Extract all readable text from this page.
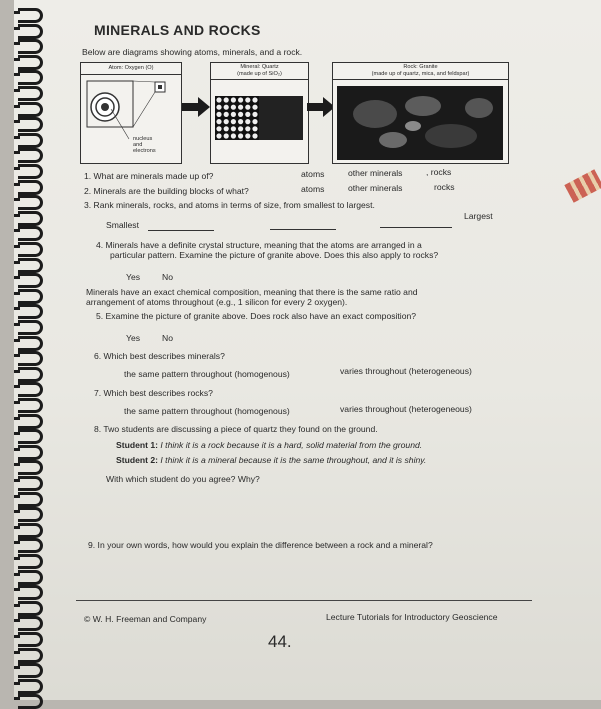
MINERALS AND ROCKS
Below are diagrams showing atoms, minerals, and a rock.
Atom: Oxygen (O)
nucleus
and
electrons
Mineral: Quartz
(made up of SiO₂)
Rock: Granite
(made up of quartz, mica, and feldspar)
1. What are minerals made up of?	atoms	other minerals	, rocks
2. Minerals are the building blocks of what?	atoms	other minerals	rocks
3. Rank minerals, rocks, and atoms in terms of size, from smallest to largest.
Smallest
Largest
4. Minerals have a definite crystal structure, meaning that the atoms are arranged in a
particular pattern. Examine the picture of granite above. Does this also apply to rocks?
Yes	No
Minerals have an exact chemical composition, meaning that there is the same ratio and
arrangement of atoms throughout (e.g., 1 silicon for every 2 oxygen).
5. Examine the picture of granite above. Does rock also have an exact composition?
Yes	No
6. Which best describes minerals?
the same pattern throughout (homogenous)	varies throughout (heterogeneous)
7. Which best describes rocks?
the same pattern throughout (homogenous)	varies throughout (heterogeneous)
8. Two students are discussing a piece of quartz they found on the ground.
Student 1: I think it is a rock because it is a hard, solid material from the ground.
Student 2: I think it is a mineral because it is the same throughout, and it is shiny.
With which student do you agree? Why?
9. In your own words, how would you explain the difference between a rock and a mineral?
© W. H. Freeman and Company	Lecture Tutorials for Introductory Geoscience
44.
